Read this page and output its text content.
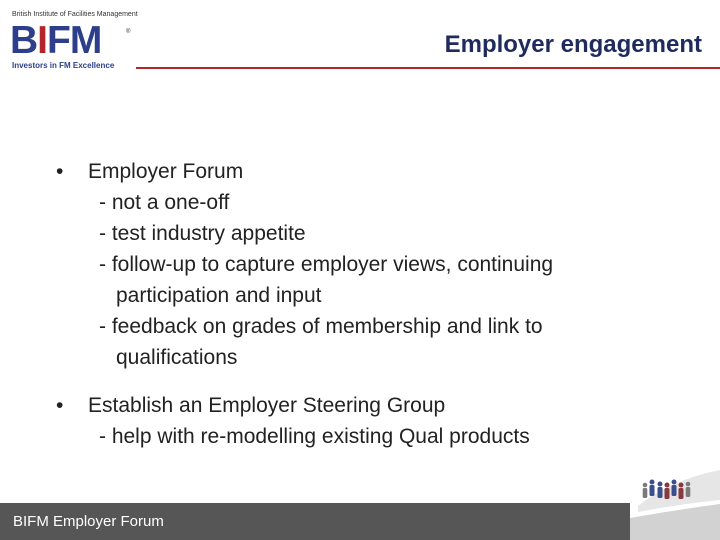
British Institute of Facilities Management
BIFM	®
Investors in FM Excellence
Employer engagement
• Employer Forum
- not a one-off
- test industry appetite
- follow-up to capture employer views, continuing
participation and input
- feedback on grades of membership and link to
qualifications
• Establish an Employer Steering Group
- help with re-modelling existing Qual products
BIFM Employer Forum
